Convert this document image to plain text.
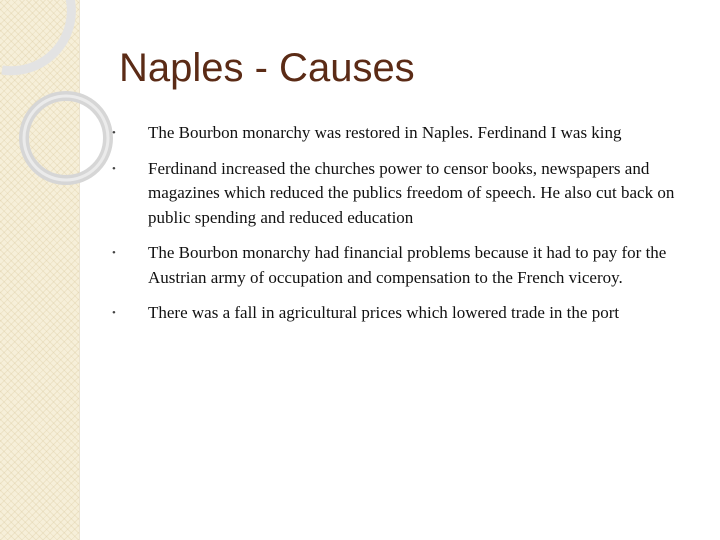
Naples - Causes
•	The Bourbon monarchy was restored in Naples. Ferdinand I was king
•	Ferdinand increased the churches power to censor books, newspapers and magazines which reduced the publics freedom of speech. He also cut back on public spending and reduced education
•	The Bourbon monarchy had financial problems because it had to pay for the Austrian army of occupation and compensation to the French viceroy.
•	There was a fall in agricultural prices which lowered trade in the port
